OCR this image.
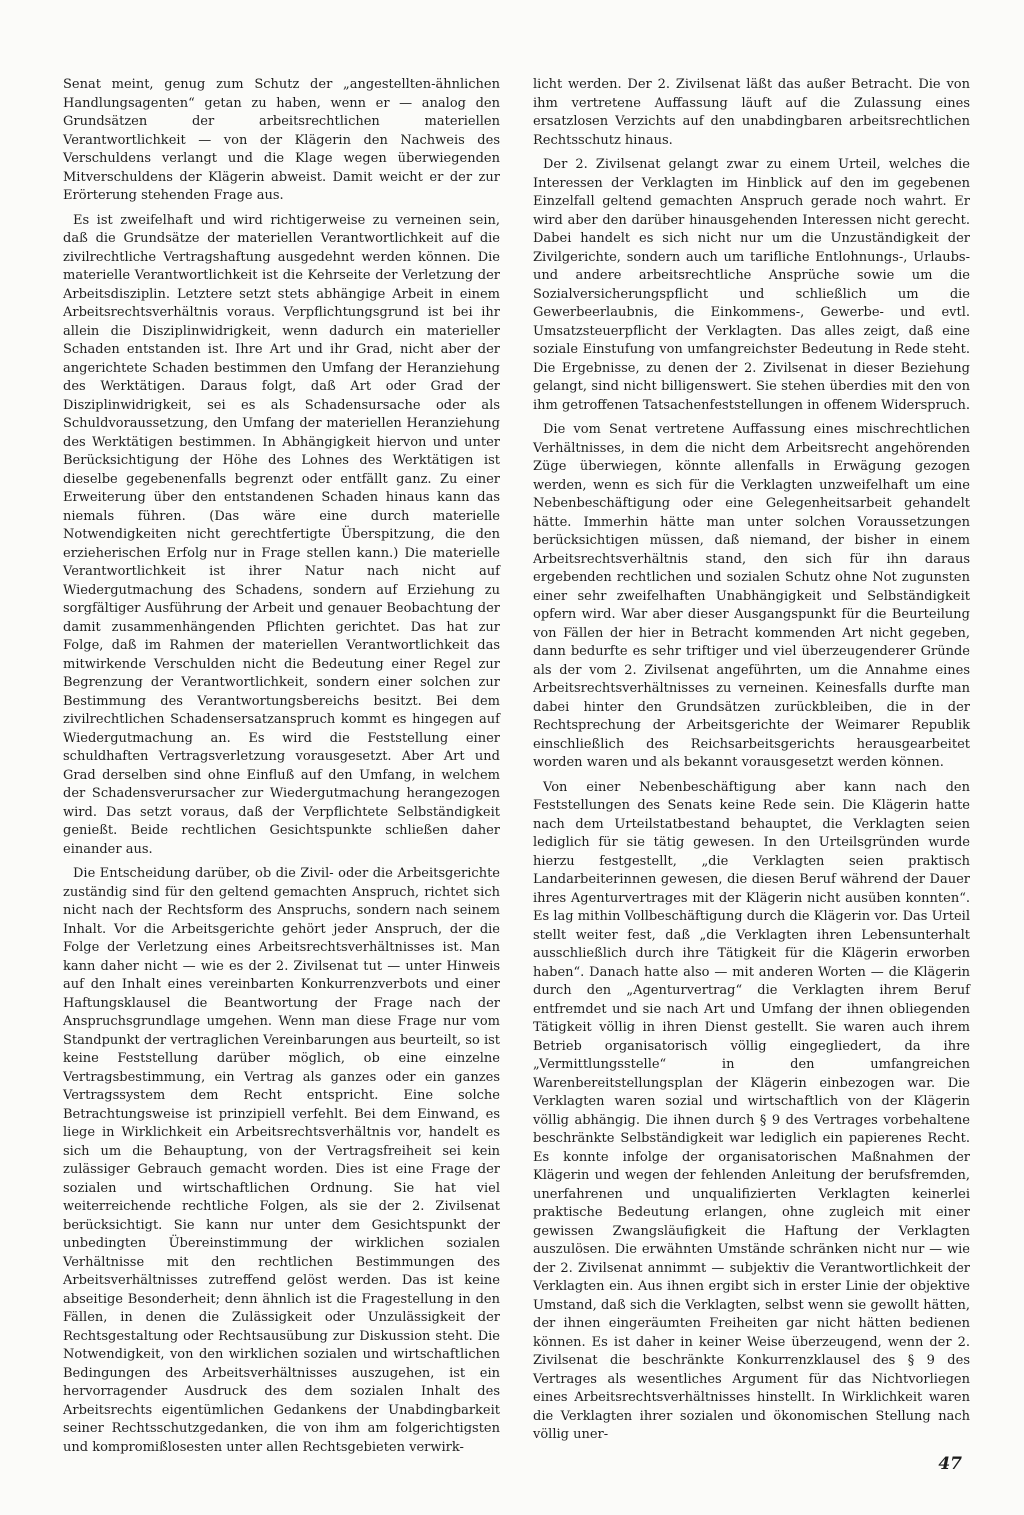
Senat meint, genug zum Schutz der „angestellten-ähnlichen Handlungsagenten“ getan zu haben, wenn er — analog den Grundsätzen der arbeitsrechtlichen materiellen Verantwortlichkeit — von der Klägerin den Nachweis des Verschuldens verlangt und die Klage wegen überwiegenden Mitverschuldens der Klägerin abweist. Damit weicht er der zur Erörterung stehenden Frage aus.

Es ist zweifelhaft und wird richtigerweise zu verneinen sein, daß die Grundsätze der materiellen Verantwortlichkeit auf die zivilrechtliche Vertragshaftung ausgedehnt werden können. Die materielle Verantwortlichkeit ist die Kehrseite der Verletzung der Arbeitsdisziplin. Letztere setzt stets abhängige Arbeit in einem Arbeitsrechtsverhältnis voraus. Verpflichtungsgrund ist bei ihr allein die Disziplinwidrigkeit, wenn dadurch ein materieller Schaden entstanden ist. Ihre Art und ihr Grad, nicht aber der angerichtete Schaden bestimmen den Umfang der Heranziehung des Werktätigen. Daraus folgt, daß Art oder Grad der Disziplinwidrigkeit, sei es als Schadensursache oder als Schuldvoraussetzung, den Umfang der materiellen Heranziehung des Werktätigen bestimmen. In Abhängigkeit hiervon und unter Berücksichtigung der Höhe des Lohnes des Werktätigen ist dieselbe gegebenenfalls begrenzt oder entfällt ganz. Zu einer Erweiterung über den entstandenen Schaden hinaus kann das niemals führen. (Das wäre eine durch materielle Notwendigkeiten nicht gerechtfertigte Überspitzung, die den erzieherischen Erfolg nur in Frage stellen kann.) Die materielle Verantwortlichkeit ist ihrer Natur nach nicht auf Wiedergutmachung des Schadens, sondern auf Erziehung zu sorgfältiger Ausführung der Arbeit und genauer Beobachtung der damit zusammenhängenden Pflichten gerichtet. Das hat zur Folge, daß im Rahmen der materiellen Verantwortlichkeit das mitwirkende Verschulden nicht die Bedeutung einer Regel zur Begrenzung der Verantwortlichkeit, sondern einer solchen zur Bestimmung des Verantwortungsbereichs besitzt. Bei dem zivilrechtlichen Schadensersatzanspruch kommt es hingegen auf Wiedergutmachung an. Es wird die Feststellung einer schuldhaften Vertragsverletzung vorausgesetzt. Aber Art und Grad derselben sind ohne Einfluß auf den Umfang, in welchem der Schadensverursacher zur Wiedergutmachung herangezogen wird. Das setzt voraus, daß der Verpflichtete Selbständigkeit genießt. Beide rechtlichen Gesichtspunkte schließen daher einander aus.

Die Entscheidung darüber, ob die Zivil- oder die Arbeitsgerichte zuständig sind für den geltend gemachten Anspruch, richtet sich nicht nach der Rechtsform des Anspruchs, sondern nach seinem Inhalt. Vor die Arbeitsgerichte gehört jeder Anspruch, der die Folge der Verletzung eines Arbeitsrechtsverhältnisses ist. Man kann daher nicht — wie es der 2. Zivilsenat tut — unter Hinweis auf den Inhalt eines vereinbarten Konkurrenzverbots und einer Haftungsklausel die Beantwortung der Frage nach der Anspruchsgrundlage umgehen. Wenn man diese Frage nur vom Standpunkt der vertraglichen Vereinbarungen aus beurteilt, so ist keine Feststellung darüber möglich, ob eine einzelne Vertragsbestimmung, ein Vertrag als ganzes oder ein ganzes Vertragssystem dem Recht entspricht. Eine solche Betrachtungsweise ist prinzipiell verfehlt. Bei dem Einwand, es liege in Wirklichkeit ein Arbeitsrechtsverhältnis vor, handelt es sich um die Behauptung, von der Vertragsfreiheit sei kein zulässiger Gebrauch gemacht worden. Dies ist eine Frage der sozialen und wirtschaftlichen Ordnung. Sie hat viel weiterreichende rechtliche Folgen, als sie der 2. Zivilsenat berücksichtigt. Sie kann nur unter dem Gesichtspunkt der unbedingten Übereinstimmung der wirklichen sozialen Verhältnisse mit den rechtlichen Bestimmungen des Arbeitsverhältnisses zutreffend gelöst werden. Das ist keine abseitige Besonderheit; denn ähnlich ist die Fragestellung in den Fällen, in denen die Zulässigkeit oder Unzulässigkeit der Rechtsgestaltung oder Rechtsausübung zur Diskussion steht. Die Notwendigkeit, von den wirklichen sozialen und wirtschaftlichen Bedingungen des Arbeitsverhältnisses auszugehen, ist ein hervorragender Ausdruck des dem sozialen Inhalt des Arbeitsrechts eigentümlichen Gedankens der Unabdingbarkeit seiner Rechtsschutzgedanken, die von ihm am folgerichtigsten und kompromißlosesten unter allen Rechtsgebieten verwirk-

licht werden. Der 2. Zivilsenat läßt das außer Betracht. Die von ihm vertretene Auffassung läuft auf die Zulassung eines ersatzlosen Verzichts auf den unabdingbaren arbeitsrechtlichen Rechtsschutz hinaus.

Der 2. Zivilsenat gelangt zwar zu einem Urteil, welches die Interessen der Verklagten im Hinblick auf den im gegebenen Einzelfall geltend gemachten Anspruch gerade noch wahrt. Er wird aber den darüber hinausgehenden Interessen nicht gerecht. Dabei handelt es sich nicht nur um die Unzuständigkeit der Zivilgerichte, sondern auch um tarifliche Entlohnungs-, Urlaubs- und andere arbeitsrechtliche Ansprüche sowie um die Sozialversicherungspflicht und schließlich um die Gewerbeerlaubnis, die Einkommens-, Gewerbe- und evtl. Umsatzsteuerpflicht der Verklagten. Das alles zeigt, daß eine soziale Einstufung von umfangreichster Bedeutung in Rede steht. Die Ergebnisse, zu denen der 2. Zivilsenat in dieser Beziehung gelangt, sind nicht billigenswert. Sie stehen überdies mit den von ihm getroffenen Tatsachenfeststellungen in offenem Widerspruch.

Die vom Senat vertretene Auffassung eines mischrechtlichen Verhältnisses, in dem die nicht dem Arbeitsrecht angehörenden Züge überwiegen, könnte allenfalls in Erwägung gezogen werden, wenn es sich für die Verklagten unzweifelhaft um eine Nebenbeschäftigung oder eine Gelegenheitsarbeit gehandelt hätte. Immerhin hätte man unter solchen Voraussetzungen berücksichtigen müssen, daß niemand, der bisher in einem Arbeitsrechtsverhältnis stand, den sich für ihn daraus ergebenden rechtlichen und sozialen Schutz ohne Not zugunsten einer sehr zweifelhaften Unabhängigkeit und Selbständigkeit opfern wird. War aber dieser Ausgangspunkt für die Beurteilung von Fällen der hier in Betracht kommenden Art nicht gegeben, dann bedurfte es sehr triftiger und viel überzeugenderer Gründe als der vom 2. Zivilsenat angeführten, um die Annahme eines Arbeitsrechtsverhältnisses zu verneinen. Keinesfalls durfte man dabei hinter den Grundsätzen zurückbleiben, die in der Rechtsprechung der Arbeitsgerichte der Weimarer Republik einschließlich des Reichsarbeitsgerichts herausgearbeitet worden waren und als bekannt vorausgesetzt werden können.

Von einer Nebenbeschäftigung aber kann nach den Feststellungen des Senats keine Rede sein. Die Klägerin hatte nach dem Urteilstatbestand behauptet, die Verklagten seien lediglich für sie tätig gewesen. In den Urteilsgründen wurde hierzu festgestellt, „die Verklagten seien praktisch Landarbeiterinnen gewesen, die diesen Beruf während der Dauer ihres Agenturvertrages mit der Klägerin nicht ausüben konnten“. Es lag mithin Vollbeschäftigung durch die Klägerin vor. Das Urteil stellt weiter fest, daß „die Verklagten ihren Lebensunterhalt ausschließlich durch ihre Tätigkeit für die Klägerin erworben haben“. Danach hatte also — mit anderen Worten — die Klägerin durch den „Agenturvertrag“ die Verklagten ihrem Beruf entfremdet und sie nach Art und Umfang der ihnen obliegenden Tätigkeit völlig in ihren Dienst gestellt. Sie waren auch ihrem Betrieb organisatorisch völlig eingegliedert, da ihre „Vermittlungsstelle“ in den umfangreichen Warenbereitstellungsplan der Klägerin einbezogen war. Die Verklagten waren sozial und wirtschaftlich von der Klägerin völlig abhängig. Die ihnen durch § 9 des Vertrages vorbehaltene beschränkte Selbständigkeit war lediglich ein papierenes Recht. Es konnte infolge der organisatorischen Maßnahmen der Klägerin und wegen der fehlenden Anleitung der berufsfremden, unerfahrenen und unqualifizierten Verklagten keinerlei praktische Bedeutung erlangen, ohne zugleich mit einer gewissen Zwangsläufigkeit die Haftung der Verklagten auszulösen. Die erwähnten Umstände schränken nicht nur — wie der 2. Zivilsenat annimmt — subjektiv die Verantwortlichkeit der Verklagten ein. Aus ihnen ergibt sich in erster Linie der objektive Umstand, daß sich die Verklagten, selbst wenn sie gewollt hätten, der ihnen eingeräumten Freiheiten gar nicht hätten bedienen können. Es ist daher in keiner Weise überzeugend, wenn der 2. Zivilsenat die beschränkte Konkurrenzklausel des § 9 des Vertrages als wesentliches Argument für das Nichtvorliegen eines Arbeitsrechtsverhältnisses hinstellt. In Wirklichkeit waren die Verklagten ihrer sozialen und ökonomischen Stellung nach völlig uner-

47
